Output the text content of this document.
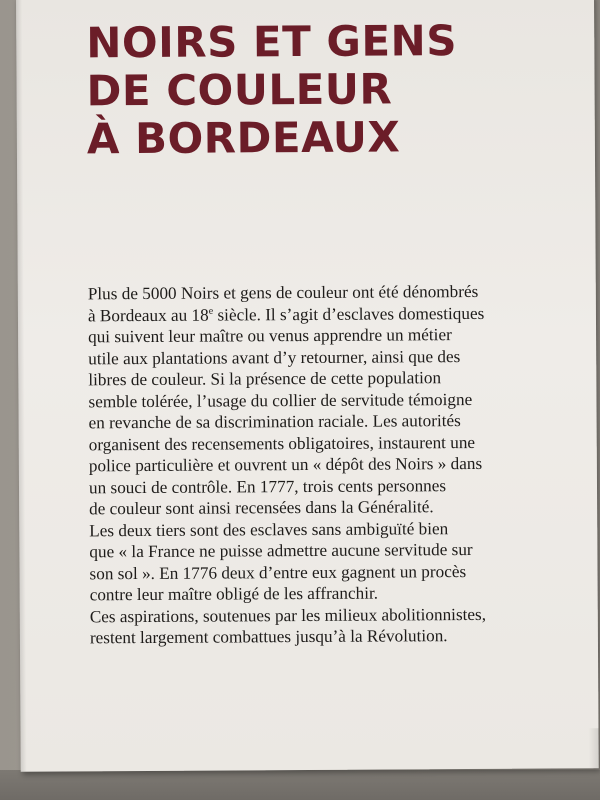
NOIRS ET GENS
DE COULEUR
À BORDEAUX

Plus de 5000 Noirs et gens de couleur ont été dénombrés
à Bordeaux au 18e siècle. Il s’agit d’esclaves domestiques
qui suivent leur maître ou venus apprendre un métier
utile aux plantations avant d’y retourner, ainsi que des
libres de couleur. Si la présence de cette population
semble tolérée, l’usage du collier de servitude témoigne
en revanche de sa discrimination raciale. Les autorités
organisent des recensements obligatoires, instaurent une
police particulière et ouvrent un « dépôt des Noirs » dans
un souci de contrôle. En 1777, trois cents personnes
de couleur sont ainsi recensées dans la Généralité.
Les deux tiers sont des esclaves sans ambiguïté bien
que « la France ne puisse admettre aucune servitude sur
son sol ». En 1776 deux d’entre eux gagnent un procès
contre leur maître obligé de les affranchir.
Ces aspirations, soutenues par les milieux abolitionnistes,
restent largement combattues jusqu’à la Révolution.
